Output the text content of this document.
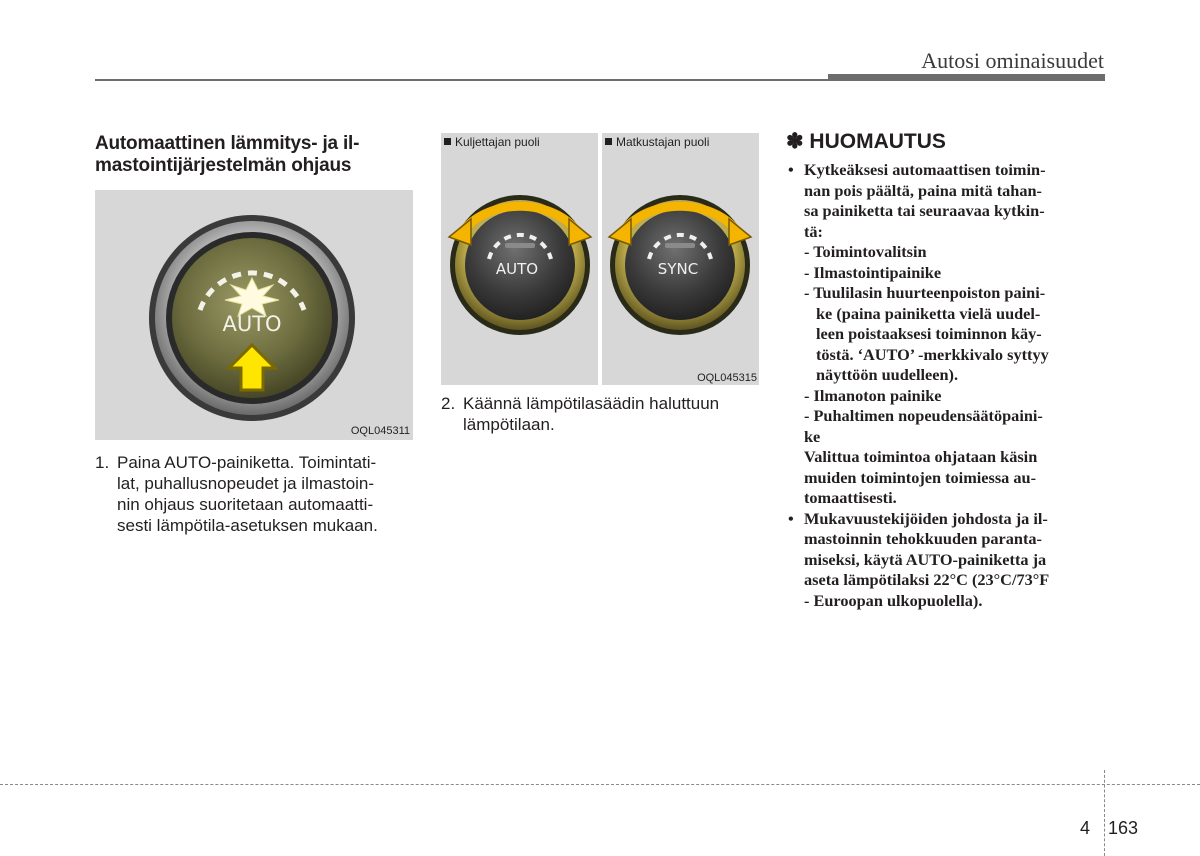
Autosi ominaisuudet
Automaattinen lämmitys- ja il-
mastointijärjestelmän ohjaus
AUTO
OQL045311
Kuljettajan puoli
AUTO
Matkustajan puoli
SYNC
OQL045315
1. Paina AUTO-painiketta. Toimintati-
lat, puhallusnopeudet ja ilmastoin-
nin ohjaus suoritetaan automaatti-
sesti lämpötila-asetuksen mukaan.
2. Käännä lämpötilasäädin haluttuun
lämpötilaan.
✽ HUOMAUTUS
• Kytkeäksesi automaattisen toimin-
nan pois päältä, paina mitä tahan-
sa painiketta tai seuraavaa kytkin-
tä:
- Toimintovalitsin
- Ilmastointipainike
- Tuulilasin huurteenpoiston paini-
ke (paina painiketta vielä uudel-
leen poistaaksesi toiminnon käy-
töstä. ‘AUTO’ -merkkivalo syttyy
näyttöön uudelleen).
- Ilmanoton painike
- Puhaltimen nopeudensäätöpaini-
ke
Valittua toimintoa ohjataan käsin
muiden toimintojen toimiessa au-
tomaattisesti.
• Mukavuustekijöiden johdosta ja il-
mastoinnin tehokkuuden paranta-
miseksi, käytä AUTO-painiketta ja
aseta lämpötilaksi 22°C (23°C/73°F
- Euroopan ulkopuolella).
4 163
